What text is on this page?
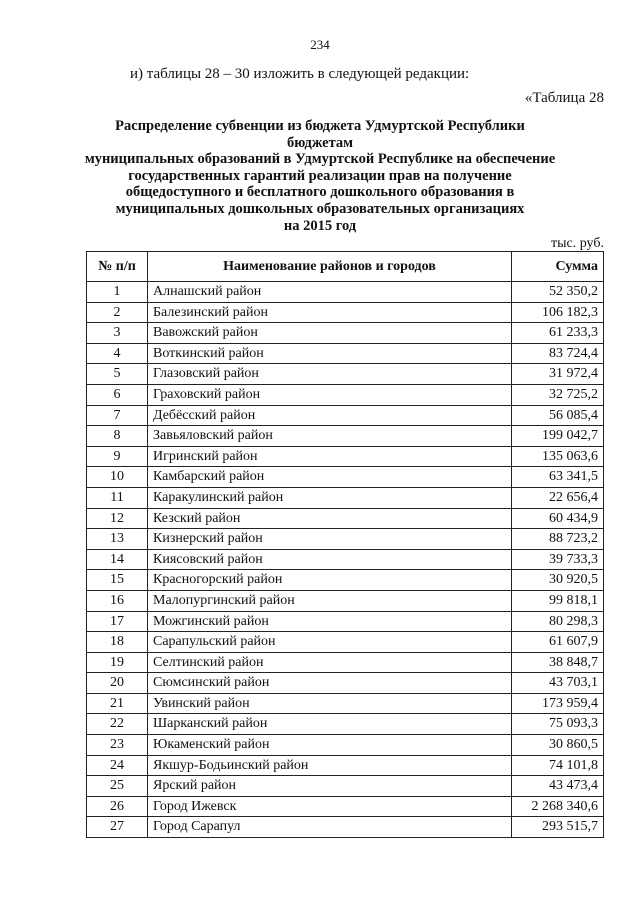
234
и) таблицы 28 – 30 изложить в следующей редакции:
«Таблица 28
Распределение субвенции из бюджета Удмуртской Республики бюджетам
муниципальных образований в Удмуртской Республике на обеспечение
государственных гарантий реализации прав на получение
общедоступного и бесплатного дошкольного образования в
муниципальных дошкольных образовательных организациях
на 2015 год
тыс. руб.
№ п/п	Наименование районов и городов	Сумма
1	Алнашский район	52 350,2
2	Балезинский район	106 182,3
3	Вавожский район	61 233,3
4	Воткинский район	83 724,4
5	Глазовский район	31 972,4
6	Граховский район	32 725,2
7	Дебёсский район	56 085,4
8	Завьяловский район	199 042,7
9	Игринский район	135 063,6
10	Камбарский район	63 341,5
11	Каракулинский район	22 656,4
12	Кезский район	60 434,9
13	Кизнерский район	88 723,2
14	Киясовский район	39 733,3
15	Красногорский район	30 920,5
16	Малопургинский район	99 818,1
17	Можгинский район	80 298,3
18	Сарапульский район	61 607,9
19	Селтинский район	38 848,7
20	Сюмсинский район	43 703,1
21	Увинский район	173 959,4
22	Шарканский район	75 093,3
23	Юкаменский район	30 860,5
24	Якшур-Бодьинский район	74 101,8
25	Ярский район	43 473,4
26	Город Ижевск	2 268 340,6
27	Город Сарапул	293 515,7
